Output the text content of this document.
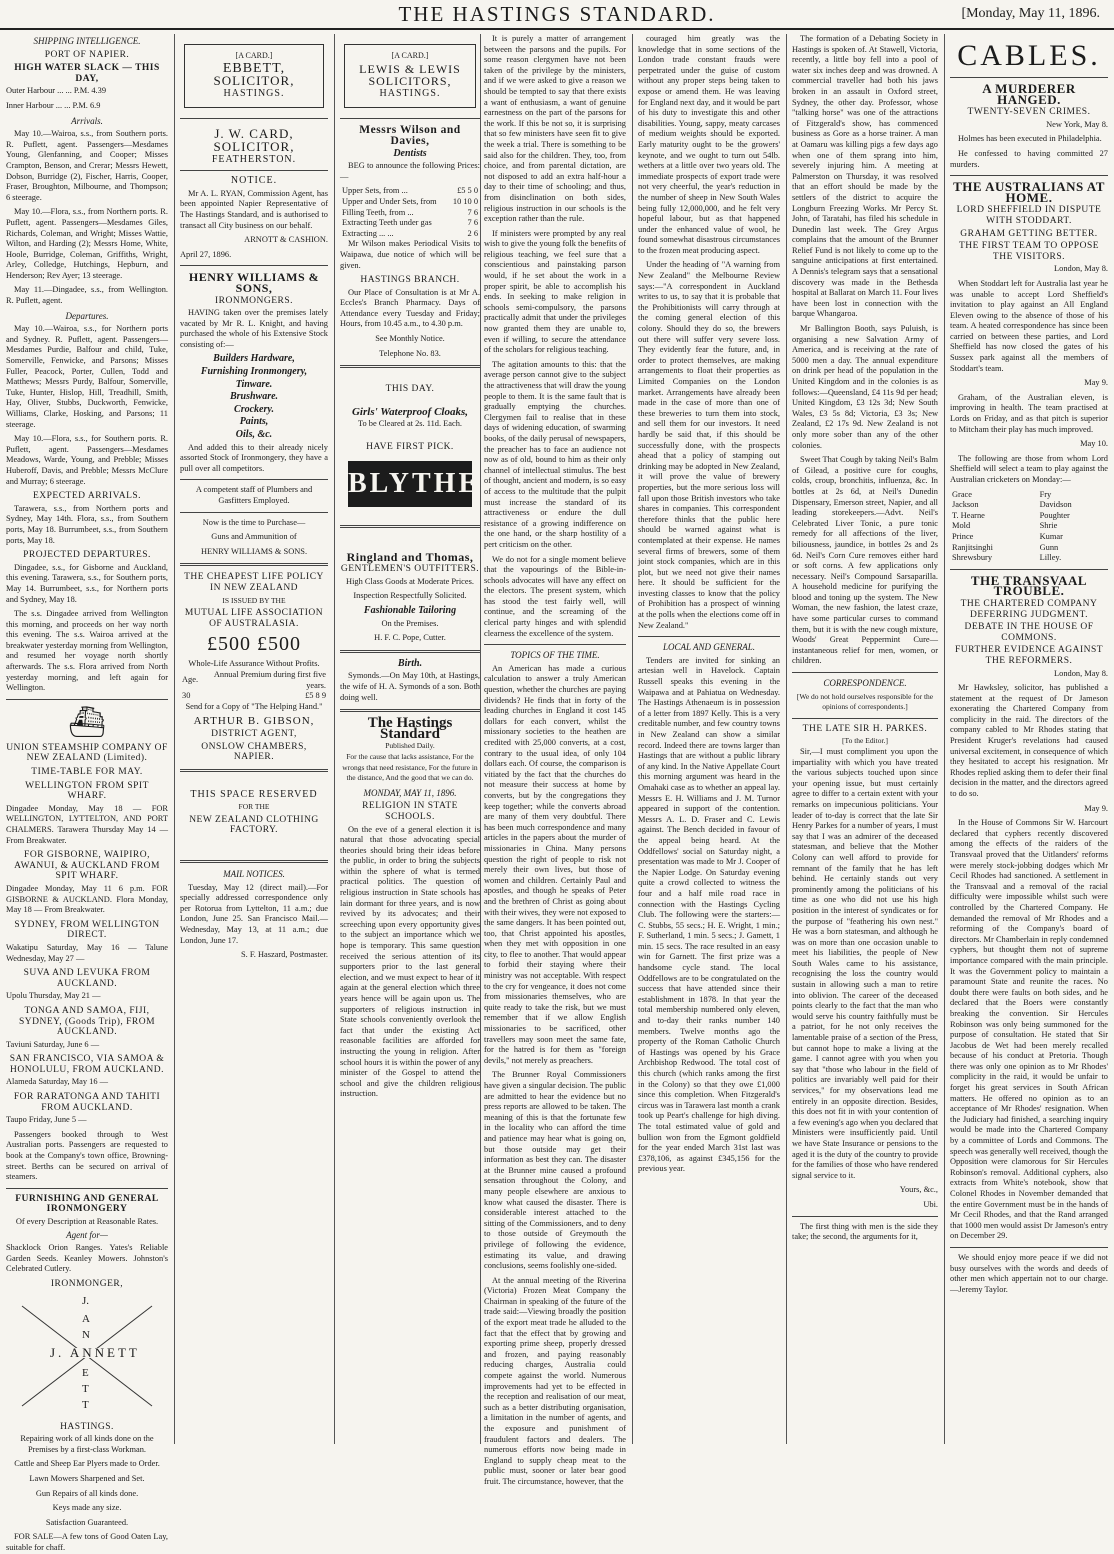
THE HASTINGS STANDARD.	[Monday, May 11, 1896.
SHIPPING INTELLIGENCE.
PORT OF NAPIER.
HIGH WATER SLACK — THIS DAY,

Outer Harbour ... ... P.M. 4.39

Inner Harbour ... ... P.M. 6.9

Arrivals.

May 10.—Wairoa, s.s., from Southern ports. R. Puflett, agent. Passengers—Mesdames Young, Glenfanning, and Cooper; Misses Crampton, Benson, and Crerar; Messrs Hewett, Dobson, Burridge (2), Fischer, Harris, Cooper, Fraser, Broughton, Milbourne, and Thompson; 6 steerage.

May 10.—Flora, s.s., from Northern ports. R. Puflett, agent. Passengers—Mesdames Giles, Richards, Coleman, and Wright; Misses Wattie, Wilton, and Harding (2); Messrs Home, White, Hoole, Burridge, Coleman, Griffiths, Wright, Arley, Colledge, Hutchings, Hepburn, and Henderson; Rev Ayer; 13 steerage.

May 11.—Dingadee, s.s., from Wellington. R. Puflett, agent.

Departures.

May 10.—Wairoa, s.s., for Northern ports and Sydney. R. Puflett, agent. Passengers—Mesdames Purdie, Balfour and child, Tuke, Somerville, Fenwicke, and Parsons; Misses Fuller, Peacock, Porter, Cullen, Todd and Matthews; Messrs Purdy, Balfour, Somerville, Tuke, Hunter, Hislop, Hill, Treadhill, Smith, Hay, Oliver, Stubbs, Duckworth, Fenwicke, Williams, Clarke, Hosking, and Parsons; 11 steerage.

May 10.—Flora, s.s., for Southern ports. R. Puflett, agent. Passengers—Mesdames Meadows, Warde, Young, and Prebble; Misses Huberoff, Davis, and Prebble; Messrs McClure and Murray; 6 steerage.

EXPECTED ARRIVALS.

Tarawera, s.s., from Northern ports and Sydney, May 14th. Flora, s.s., from Southern ports, May 18. Burrumbeet, s.s., from Southern ports, May 18.

PROJECTED DEPARTURES.

Dingadee, s.s., for Gisborne and Auckland, this evening. Tarawera, s.s., for Southern ports, May 14. Burrumbeet, s.s., for Northern ports and Sydney, May 18.

The s.s. Dingadee arrived from Wellington this morning, and proceeds on her way north this evening. The s.s. Wairoa arrived at the breakwater yesterday morning from Wellington, and resumed her voyage north shortly afterwards. The s.s. Flora arrived from North yesterday morning, and left again for Wellington.

⛴
UNION STEAMSHIP COMPANY OF NEW ZEALAND (Limited).
TIME-TABLE FOR MAY.
WELLINGTON FROM SPIT WHARF.

Dingadee Monday, May 18 — FOR WELLINGTON, LYTTELTON, AND PORT CHALMERS. Tarawera Thursday May 14 — From Breakwater.

FOR GISBORNE, WAIPIRO, AWANUI, & AUCKLAND FROM SPIT WHARF.

Dingadee Monday, May 11 6 p.m. FOR GISBORNE & AUCKLAND. Flora Monday, May 18 — From Breakwater.

SYDNEY, FROM WELLINGTON DIRECT.

Wakatipu Saturday, May 16 — Talune Wednesday, May 27 —

SUVA AND LEVUKA FROM AUCKLAND.

Upolu Thursday, May 21 —

TONGA AND SAMOA, FIJI, SYDNEY, (Goods Trip), FROM AUCKLAND.

Taviuni Saturday, June 6 —

SAN FRANCISCO, VIA SAMOA & HONOLULU, FROM AUCKLAND.

Alameda Saturday, May 16 —

FOR RARATONGA AND TAHITI FROM AUCKLAND.

Taupo Friday, June 5 —

Passengers booked through to West Australian ports. Passengers are requested to book at the Company's town office, Browning-street. Berths can be secured on arrival of steamers.

FURNISHING AND GENERAL IRONMONGERY
Of every Description at Reasonable Rates.
Agent for—

Shacklock Orion Ranges. Yates's Reliable Garden Seeds. Keanley Mowers. Johnston's Celebrated Cutlery.

IRONMONGER,
J.
A
N
J. ANNETT
E
T
T
HASTINGS.

Repairing work of all kinds done on the Premises by a first-class Workman.

Cattle and Sheep Ear Plyers made to Order.

Lawn Mowers Sharpened and Set.

Gun Repairs of all kinds done.

Keys made any size.

Satisfaction Guaranteed.

FOR SALE—A few tons of Good Oaten Lay, suitable for chaff.

[A CARD.]
EBBETT,
SOLICITOR,
HASTINGS.
J. W. CARD,
SOLICITOR,
FEATHERSTON.
NOTICE.

Mr A. L. RYAN, Commission Agent, has been appointed Napier Representative of The Hastings Standard, and is authorised to transact all City business on our behalf.

ARNOTT & CASHION.

April 27, 1896.

HENRY WILLIAMS & SONS,
IRONMONGERS.

HAVING taken over the premises lately vacated by Mr R. L. Knight, and having purchased the whole of his Extensive Stock consisting of:—

Builders Hardware,
Furnishing Ironmongery,
Tinware.
Brushware.
Crockery.
Paints,
Oils, &c.

And added this to their already nicely assorted Stock of Ironmongery, they have a pull over all competitors.

A competent staff of Plumbers and Gasfitters Employed.

Now is the time to Purchase—

Guns and Ammunition of

HENRY WILLIAMS & SONS.

THE CHEAPEST LIFE POLICY IN NEW ZEALAND
IS ISSUED BY THE
MUTUAL LIFE ASSOCIATION OF AUSTRALASIA.
£500 £500
Whole-Life Assurance Without Profits.
Age.	Annual Premium during first five years.
30	£5 8 9

Send for a Copy of "The Helping Hand."

ARTHUR B. GIBSON,
DISTRICT AGENT,
ONSLOW CHAMBERS, NAPIER.
THIS SPACE RESERVED
FOR THE
NEW ZEALAND CLOTHING FACTORY.
MAIL NOTICES.

Tuesday, May 12 (direct mail).—For specially addressed correspondence only per Rotorua from Lyttelton, 11 a.m.; due London, June 25. San Francisco Mail.—Wednesday, May 13, at 11 a.m.; due London, June 17.

S. F. Haszard, Postmaster.

[A CARD.]
LEWIS & LEWIS
SOLICITORS,
HASTINGS.
Messrs Wilson and Davies,
Dentists

BEG to announce the following Prices:—

Upper Sets, from ...	£5 5 0
Upper and Under Sets, from	10 10 0
Filling Teeth, from ...	7 6
Extracting Teeth under gas	7 6
Extracting ... ...	2 6

Mr Wilson makes Periodical Visits to Waipawa, due notice of which will be given.

HASTINGS BRANCH.

Our Place of Consultation is at Mr A. Eccles's Branch Pharmacy. Days of Attendance every Tuesday and Friday; Hours, from 10.45 a.m., to 4.30 p.m.

See Monthly Notice.

Telephone No. 83.

THIS DAY.
Girls' Waterproof Cloaks,

To be Cleared at 2s. 11d. Each.

HAVE FIRST PICK.
BLYTHES
Ringland and Thomas,
GENTLEMEN'S OUTFITTERS.

High Class Goods at Moderate Prices.

Inspection Respectfully Solicited.

Fashionable Tailoring

On the Premises.

H. F. C. Pope, Cutter.

Birth.

Symonds.—On May 10th, at Hastings, the wife of H. A. Symonds of a son. Both doing well.

The Hastings Standard
Published Daily.

For the cause that lacks assistance, For the wrongs that need resistance, For the future in the distance, And the good that we can do.

MONDAY, MAY 11, 1896.
RELIGION IN STATE SCHOOLS.

On the eve of a general election it is natural that those advocating special theories should bring their ideas before the public, in order to bring the subjects within the sphere of what is termed practical politics. The question of religious instruction in State schools has lain dormant for three years, and is now revived by its advocates; and their screeching upon every opportunity gives to the subject an importance which we hope is temporary. This same question received the serious attention of its supporters prior to the last general election, and we must expect to hear of it again at the general election which three years hence will be again upon us. The supporters of religious instruction in State schools conveniently overlook the fact that under the existing Act reasonable facilities are afforded for instructing the young in religion. After school hours it is within the power of any minister of the Gospel to attend the school and give the children religious instruction.

It is purely a matter of arrangement between the parsons and the pupils. For some reason clergymen have not been taken of the privilege by the ministers, and if we were asked to give a reason we should be tempted to say that there exists a want of enthusiasm, a want of genuine earnestness on the part of the parsons for the work. If this be not so, it is surprising that so few ministers have seen fit to give the week a trial. There is something to be said also for the children. They, too, from choice, and from parental dictation, are not disposed to add an extra half-hour a day to their time of schooling; and thus, from disinclination on both sides, religious instruction in our schools is the exception rather than the rule.

If ministers were prompted by any real wish to give the young folk the benefits of religious teaching, we feel sure that a conscientious and painstaking parson would, if he set about the work in a proper spirit, be able to accomplish his ends. In seeking to make religion in schools semi-compulsory, the parsons practically admit that under the privileges now granted them they are unable to, even if willing, to secure the attendance of the scholars for religious teaching.

The agitation amounts to this: that the average person cannot give to the subject the attractiveness that will draw the young people to them. It is the same fault that is gradually emptying the churches. Clergymen fail to realise that in these days of widening education, of swarming books, of the daily perusal of newspapers, the preacher has to face an audience not now as of old, bound to him as their only channel of intellectual stimulus. The best of thought, ancient and modern, is so easy of access to the multitude that the pulpit must increase the standard of its attractiveness or endure the dull resistance of a growing indifference on the one hand, or the sharp hostility of a pert criticism on the other.

We do not for a single moment believe that the vapourings of the Bible-in-schools advocates will have any effect on the electors. The present system, which has stood the test fairly well, will continue, and the screaming of the clerical party hinges and with splendid clearness the excellence of the system.

TOPICS OF THE TIME.

An American has made a curious calculation to answer a truly American question, whether the churches are paying dividends? He finds that in forty of the leading churches in England it cost 145 dollars for each convert, whilst the missionary societies to the heathen are credited with 25,000 converts, at a cost, contrary to the usual idea, of only 104 dollars each. Of course, the comparison is vitiated by the fact that the churches do not measure their success at home by converts, but by the congregations they keep together; while the converts abroad are many of them very doubtful. There has been much correspondence and many articles in the papers about the murder of missionaries in China. Many persons question the right of people to risk not merely their own lives, but those of women and children. Certainly Paul and apostles, and though he speaks of Peter and the brethren of Christ as going about with their wives, they were not exposed to the same dangers. It has been pointed out, too, that Christ appointed his apostles, when they met with opposition in one city, to flee to another. That would appear to forbid their staying where their ministry was not acceptable. With respect to the cry for vengeance, it does not come from missionaries themselves, who are quite ready to take the risk, but we must remember that if we allow English missionaries to be sacrificed, other travellers may soon meet the same fate, for the hatred is for them as "foreign devils," not merely as preachers.

The Brunner Royal Commissioners have given a singular decision. The public are admitted to hear the evidence but no press reports are allowed to be taken. The meaning of this is that the fortunate few in the locality who can afford the time and patience may hear what is going on, but those outside may get their information as best they can. The disaster at the Brunner mine caused a profound sensation throughout the Colony, and many people elsewhere are anxious to know what caused the disaster. There is considerable interest attached to the sitting of the Commissioners, and to deny to those outside of Greymouth the privilege of following the evidence, estimating its value, and drawing conclusions, seems foolishly one-sided.

At the annual meeting of the Riverina (Victoria) Frozen Meat Company the Chairman in speaking of the future of the trade said:—Viewing broadly the position of the export meat trade he alluded to the fact that the effect that by growing and exporting prime sheep, properly dressed and frozen, and paying reasonably reducing charges, Australia could compete against the world. Numerous improvements had yet to be effected in the reception and realisation of our meat, such as a better distributing organisation, a limitation in the number of agents, and the exposure and punishment of fraudulent factors and dealers. The numerous efforts now being made in England to supply cheap meat to the public must, sooner or later bear good fruit. The circumstance, however, that the

couraged him greatly was the knowledge that in some sections of the London trade constant frauds were perpetrated under the guise of custom without any proper steps being taken to expose or amend them. He was leaving for England next day, and it would be part of his duty to investigate this and other disabilities. Young, sappy, meaty carcases of medium weights should be exported. Early maturity ought to be the growers' keynote, and we ought to turn out 54lb. wethers at a little over two years old. The immediate prospects of export trade were not very cheerful, the year's reduction in the number of sheep in New South Wales being fully 12,000,000, and he felt very hopeful labour, but as that happened under the enhanced value of wool, he found somewhat disastrous circumstances to the frozen meat producing aspect.

Under the heading of "A warning from New Zealand" the Melbourne Review says:—"A correspondent in Auckland writes to us, to say that it is probable that the Prohibitionists will carry through at the coming general election of this colony. Should they do so, the brewers out there will suffer very severe loss. They evidently fear the future, and, in order to protect themselves, are making arrangements to float their properties as Limited Companies on the London market. Arrangements have already been made in the case of more than one of these breweries to turn them into stock, and sell them for our investors. It need hardly be said that, if this should be successfully done, with the prospects ahead that a policy of stamping out drinking may be adopted in New Zealand, it will prove the value of brewery properties, but the more serious loss will fall upon those British investors who take shares in companies. This correspondent therefore thinks that the public here should be warned against what is contemplated at their expense. He names several firms of brewers, some of them joint stock companies, which are in this plot, but we need not give their names here. It should be sufficient for the investing classes to know that the policy of Prohibition has a prospect of winning at the polls when the elections come off in New Zealand."

LOCAL AND GENERAL.

Tenders are invited for sinking an artesian well in Havelock. Captain Russell speaks this evening in the Waipawa and at Pahiatua on Wednesday. The Hastings Athenaeum is in possession of a letter from 1897 Kelly. This is a very creditable number, and few country towns in New Zealand can show a similar record. Indeed there are towns larger than Hastings that are without a public library of any kind. In the Native Appellate Court this morning argument was heard in the Omahaki case as to whether an appeal lay. Messrs E. H. Williams and J. M. Turnor appeared in support of the contention. Messrs A. L. D. Fraser and C. Lewis against. The Bench decided in favour of the appeal being heard. At the Oddfellows' social on Saturday night, a presentation was made to Mr J. Cooper of the Napier Lodge. On Saturday evening quite a crowd collected to witness the four and a half mile road race in connection with the Hastings Cycling Club. The following were the starters:—C. Stubbs, 55 secs.; H. E. Wright, 1 min.; F. Sutherland, 1 min. 5 secs.; J. Gamett, 1 min. 15 secs. The race resulted in an easy win for Garnett. The first prize was a handsome cycle stand. The local Oddfellows are to be congratulated on the success that have attended since their establishment in 1878. In that year the total membership numbered only eleven, and to-day their ranks number 140 members. Twelve months ago the property of the Roman Catholic Church of Hastings was opened by his Grace Archbishop Redwood. The total cost of this church (which ranks among the first in the Colony) so that they owe £1,000 since this completion. When Fitzgerald's circus was in Tarawera last month a crank took up Peart's challenge for high diving. The total estimated value of gold and bullion won from the Egmont goldfield for the year ended March 31st last was £378,106, as against £345,156 for the previous year.

The formation of a Debating Society in Hastings is spoken of. At Stawell, Victoria, recently, a little boy fell into a pool of water six inches deep and was drowned. A commercial traveller had both his jaws broken in an assault in Oxford street, Sydney, the other day. Professor, whose "talking horse" was one of the attractions of Fitzgerald's show, has commenced business as Gore as a horse trainer. A man at Oamaru was killing pigs a few days ago when one of them sprang into him, severely injuring him. A meeting at Palmerston on Thursday, it was resolved that an effort should be made by the settlers of the district to acquire the Longburn Freezing Works. Mr Percy St. John, of Taratahi, has filed his schedule in Dunedin last week. The Grey Argus complains that the amount of the Brunner Relief Fund is not likely to come up to the sanguine anticipations at first entertained. A Dennis's telegram says that a sensational discovery was made in the Bethesda hospital at Ballarat on March 11. Four lives have been lost in connection with the barque Whangaroa.

Mr Ballington Booth, says Puluish, is organising a new Salvation Army of America, and is receiving at the rate of 5000 men a day. The annual expenditure on drink per head of the population in the United Kingdom and in the colonies is as follows:—Queensland, £4 11s 9d per head; United Kingdom, £3 12s 3d; New South Wales, £3 5s 8d; Victoria, £3 3s; New Zealand, £2 17s 9d. New Zealand is not only more sober than any of the other colonies.

Sweet That Cough by taking Neil's Balm of Gilead, a positive cure for coughs, colds, croup, bronchitis, influenza, &c. In bottles at 2s 6d, at Neil's Dunedin Dispensary, Emerson street, Napier, and all leading storekeepers.—Advt. Neil's Celebrated Liver Tonic, a pure tonic remedy for all affections of the liver, biliousness, jaundice, in bottles 2s and 2s 6d. Neil's Corn Cure removes either hard or soft corns. A few applications only necessary. Neil's Compound Sarsaparilla. A household medicine for purifying the blood and toning up the system. The New Woman, the new fashion, the latest craze, have some particular curses to command them, but it is with the new cough mixture, Woods' Great Peppermint Cure—instantaneous relief for men, women, or children.

CORRESPONDENCE.

[We do not hold ourselves responsible for the opinions of correspondents.]

THE LATE SIR H. PARKES.
[To the Editor.]

Sir,—I must compliment you upon the impartiality with which you have treated the various subjects touched upon since your opening issue, but must certainly agree to differ to a certain extent with your remarks on impecunious politicians. Your leader of to-day is correct that the late Sir Henry Parkes for a number of years, I must say that I was an admirer of the deceased statesman, and believe that the Mother Colony can well afford to provide for remnant of the family that he has left behind. He certainly stands out very prominently among the politicians of his time as one who did not use his high position in the interest of syndicates or for the purpose of "feathering his own nest." He was a born statesman, and although he was on more than one occasion unable to meet his liabilities, the people of New South Wales came to his assistance, recognising the loss the country would sustain in allowing such a man to retire into oblivion. The career of the deceased points clearly to the fact that the man who would serve his country faithfully must be a patriot, for he not only receives the lamentable praise of a section of the Press, but cannot hope to make a living at the game. I cannot agree with you when you say that "those who labour in the field of politics are invariably well paid for their services," for my observations lead me entirely in an opposite direction. Besides, this does not fit in with your contention of a few evening's ago when you declared that Ministers were insufficiently paid. Until we have State Insurance or pensions to the aged it is the duty of the country to provide for the families of those who have rendered signal service to it.

Yours, &c.,

Ubi.

The first thing with men is the side they take; the second, the arguments for it,

CABLES.
A MURDERER HANGED.
TWENTY-SEVEN CRIMES.

New York, May 8.

Holmes has been executed in Philadelphia.

He confessed to having committed 27 murders.

THE AUSTRALIANS AT HOME.
LORD SHEFFIELD IN DISPUTE WITH STODDART.
GRAHAM GETTING BETTER.
THE FIRST TEAM TO OPPOSE THE VISITORS.

London, May 8.

When Stoddart left for Australia last year he was unable to accept Lord Sheffield's invitation to play against an All England Eleven owing to the absence of those of his team. A heated correspondence has since been carried on between these parties, and Lord Sheffield has now closed the gates of his Sussex park against all the members of Stoddart's team.

May 9.

Graham, of the Australian eleven, is improving in health. The team practised at Lords on Friday, and as that pitch is superior to Mitcham their play has much improved.

May 10.

The following are those from whom Lord Sheffield will select a team to play against the Australian cricketers on Monday:—

Grace	Fry
Jackson	Davidson
T. Hearne	Poughter
Mold	Shrie
Prince	Kumar
Ranjitsinghi	Gunn
Shrewsbury	Lilley.
THE TRANSVAAL TROUBLE.
THE CHARTERED COMPANY DEFERRING JUDGMENT.
DEBATE IN THE HOUSE OF COMMONS.
FURTHER EVIDENCE AGAINST THE REFORMERS.

London, May 8.

Mr Hawksley, solicitor, has published a statement at the request of Dr Jameson exonerating the Chartered Company from complicity in the raid. The directors of the company cabled to Mr Rhodes stating that President Kruger's revelations had caused universal excitement, in consequence of which they hesitated to accept his resignation. Mr Rhodes replied asking them to defer their final decision in the matter, and the directors agreed to do so.

May 9.

In the House of Commons Sir W. Harcourt declared that cyphers recently discovered among the effects of the raiders of the Transvaal proved that the Uitlanders' reforms were merely stock-jobbing dodges which Mr Cecil Rhodes had sanctioned. A settlement in the Transvaal and a removal of the racial difficulty were impossible whilst such were controlled by the Chartered Company. He demanded the removal of Mr Rhodes and a reforming of the Company's board of directors. Mr Chamberlain in reply condemned cyphers, but thought them not of supreme importance compared with the main principle. It was the Government policy to maintain a paramount State and reunite the races. No doubt there were faults on both sides, and he declared that the Boers were constantly breaking the convention. Sir Hercules Robinson was only being summoned for the purpose of consultation. He stated that Sir Jacobus de Wet had been merely recalled because of his conduct at Pretoria. Though there was only one opinion as to Mr Rhodes' complicity in the raid, it would be unfair to forget his great services in South African matters. He offered no opinion as to an acceptance of Mr Rhodes' resignation. When the Judiciary had finished, a searching inquiry would be made into the Chartered Company by a committee of Lords and Commons. The speech was generally well received, though the Opposition were clamorous for Sir Hercules Robinson's removal. Additional cyphers, also extracts from White's notebook, show that Colonel Rhodes in November demanded that the entire Government must be in the hands of Mr Cecil Rhodes, and that the Rand arranged that 1000 men would assist Dr Jameson's entry on December 29.

We should enjoy more peace if we did not busy ourselves with the words and deeds of other men which appertain not to our charge.—Jeremy Taylor.
